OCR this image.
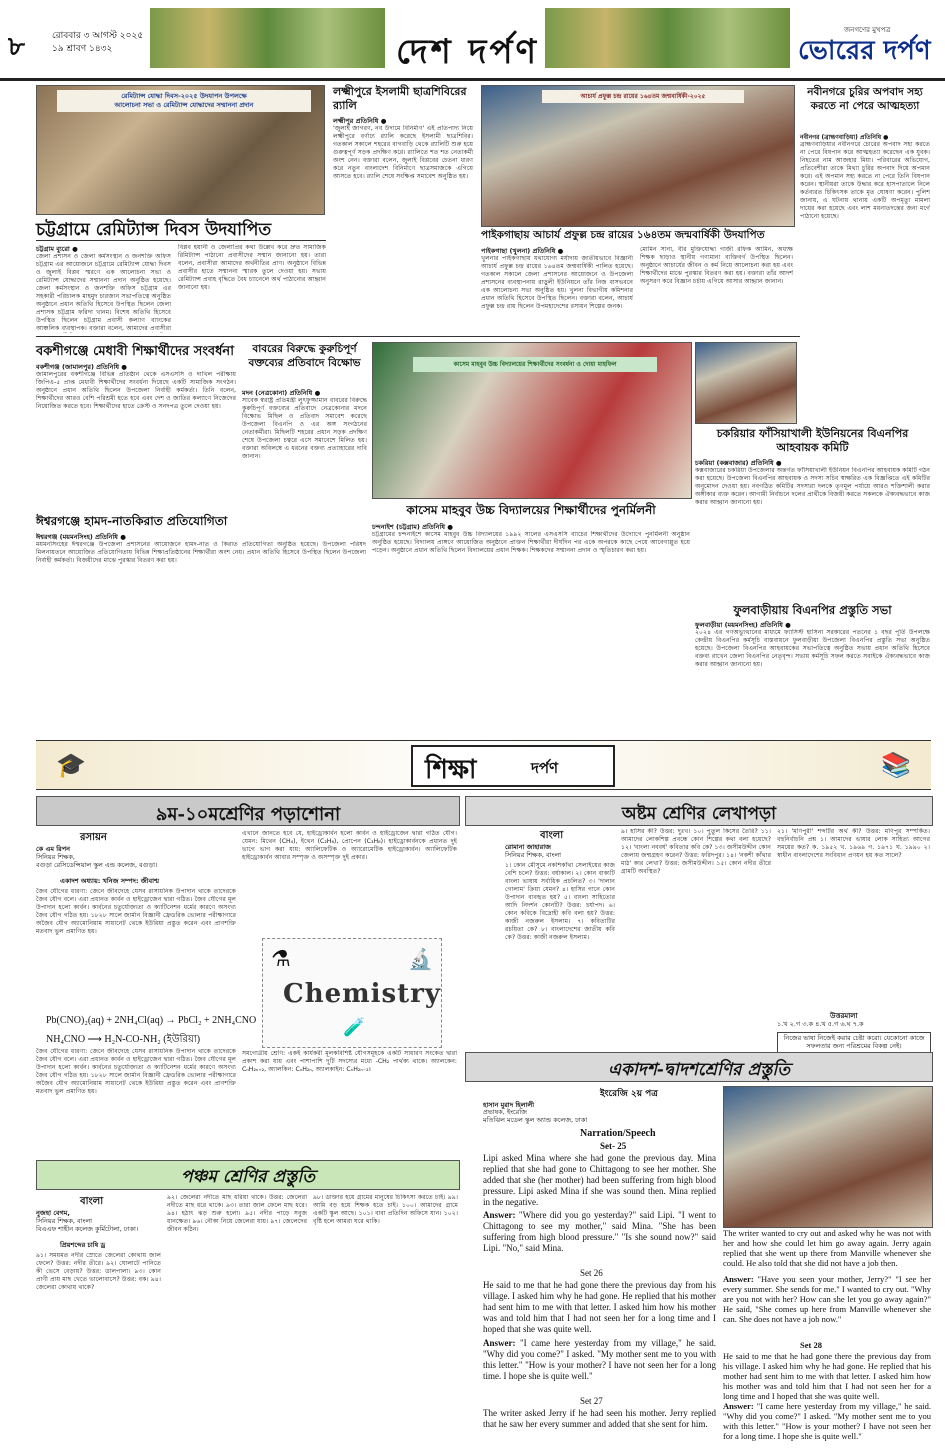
৮	রোববার ৩ আগস্ট ২০২৫
১৯ শ্রাবণ ১৪৩২	দেশ দর্পণ
জনগণের মুখপত্র
ভোরের দর্পণ
রেমিট্যান্স যোদ্ধা দিবস-২০২৫ উদযাপন উপলক্ষে
আলোচনা সভা ও রেমিট্যান্স যোদ্ধাদের সম্মাননা প্রদান
চট্টগ্রামে রেমিট্যান্স দিবস উদযাপিত
চট্টগ্রাম ব্যুরো ●
জেলা প্রশাসন ও জেলা কর্মসংস্থান ও জনশক্তি অফিস চট্টগ্রাম এর আয়োজনে চট্টগ্রামে রেমিট্যান্স যোদ্ধা দিবস ও জুলাই বিপ্লব স্মরণে এক আলোচনা সভা ও রেমিট্যান্স যোদ্ধাদের সম্মাননা প্রদান অনুষ্ঠিত হয়েছে। জেলা কর্মসংস্থান ও জনশক্তি অফিস চট্টগ্রাম এর সহকারী পরিচালক মাহমুদ চারজান সভাপতিত্বে অনুষ্ঠিত অনুষ্ঠানে প্রধান অতিথি হিসেবে উপস্থিত ছিলেন জেলা প্রশাসক চট্টগ্রাম ফরিদা খানম। বিশেষ অতিথি হিসেবে উপস্থিত ছিলেন চট্টগ্রাম প্রবাসী কল্যাণ ব্যাংকের আঞ্চলিক ব্যবস্থাপক। বক্তারা বলেন, আমাদের প্রবাসীরা
বিপ্লব হয়ানী ও জেলাপ্রির কথা উল্লেখ করে দ্রুত সামাজিক রিমিট্যান্স পাঠানো প্রবাসীদের সম্মান জানানো হয়। তারা বলেন, প্রবাসীরা আমাদের অর্থনীতির প্রাণ। অনুষ্ঠানে বিভিন্ন প্রবাসীর হাতে সম্মাননা স্মারক তুলে দেওয়া হয়। সভায় রেমিট্যান্স প্রবাহ বৃদ্ধিতে বৈধ চ্যানেলে অর্থ পাঠানোর আহ্বান জানানো হয়।
লক্ষ্মীপুরে ইসলামী ছাত্রশিবিরের র‍্যালি
লক্ষ্মীপুর প্রতিনিধি ●
'জুলাই জাগরণ, নব উদ্যমে বিনির্মাণ' এই প্রতিপাদ্য নিয়ে লক্ষ্মীপুরে বর্ণাঢ্য র‍্যালি করেছে ইসলামী ছাত্রশিবির। গতকাল সকালে শহরের বাগবাড়ি থেকে র‍্যালিটি শুরু হয়ে গুরুত্বপূর্ণ সড়ক প্রদক্ষিণ করে। র‍্যালিতে শত শত নেতাকর্মী অংশ নেন। বক্তারা বলেন, জুলাই বিপ্লবের চেতনা ধারণ করে নতুন বাংলাদেশ বিনির্মাণে ছাত্রসমাজকে এগিয়ে আসতে হবে। র‍্যালি শেষে সংক্ষিপ্ত সমাবেশ অনুষ্ঠিত হয়।
আচার্য প্রফুল্ল চন্দ্র রায়ের ১৬৪তম জন্মবার্ষিকী-২০২৫
পাইকগাছায় আচার্য প্রফুল্ল চন্দ্র রায়ের ১৬৪তম জন্মবার্ষিকী উদযাপিত
পাইকগাছা (খুলনা) প্রতিনিধি ●
খুলনার পাইকগাছায় যথাযোগ্য মর্যাদায় জাতীয়ভাবে বিজ্ঞানী আচার্য প্রফুল্ল চন্দ্র রায়ের ১৬৪তম জন্মবার্ষিকী পালিত হয়েছে। গতকাল সকালে জেলা প্রশাসনের আয়োজনে ও উপজেলা প্রশাসনের ব্যবস্থাপনায় রাড়ুলী ইউনিয়নে তাঁর নিজ বাসভবনে এক আলোচনা সভা অনুষ্ঠিত হয়। খুলনা বিভাগীয় কমিশনার প্রধান অতিথি হিসেবে উপস্থিত ছিলেন। বক্তারা বলেন, আচার্য প্রফুল্ল চন্দ্র রায় ছিলেন উপমহাদেশের রসায়ন শিল্পের জনক।
মোমিন সানা, বীর মুক্তিযোদ্ধা গাজী রফিক আমিন, অধ্যক্ষ শিক্ষক ছাড়াও স্থানীয় গণ্যমান্য ব্যক্তিবর্গ উপস্থিত ছিলেন। অনুষ্ঠানে আচার্যের জীবন ও কর্ম নিয়ে আলোচনা করা হয় এবং শিক্ষার্থীদের মাঝে পুরস্কার বিতরণ করা হয়। বক্তারা তাঁর আদর্শ অনুসরণ করে বিজ্ঞান চর্চায় এগিয়ে আসার আহ্বান জানান।
নবীনগরে চুরির অপবাদ সহ্য করতে না পেরে আত্মহত্যা
নবীনগর (ব্রাহ্মণবাড়িয়া) প্রতিনিধি ●
ব্রাহ্মণবাড়িয়ার নবীনগরে চোরের অপবাদ সহ্য করতে না পেরে বিষপান করে আত্মহত্যা করেছেন এক যুবক। নিহতের নাম আজহার মিয়া। পরিবারের অভিযোগ, প্রতিবেশীরা তাকে মিথ্যা চুরির অপবাদ দিয়ে অপমান করে। এই অপমান সহ্য করতে না পেরে তিনি বিষপান করেন। স্থানীয়রা তাকে উদ্ধার করে হাসপাতালে নিলে কর্তব্যরত চিকিৎসক তাকে মৃত ঘোষণা করেন। পুলিশ জানায়, এ ঘটনায় থানায় একটি অপমৃত্যু মামলা দায়ের করা হয়েছে এবং লাশ ময়নাতদন্তের জন্য মর্গে পাঠানো হয়েছে।
বকশীগঞ্জে মেধাবী শিক্ষার্থীদের সংবর্ধনা
বকশীগঞ্জ (জামালপুর) প্রতিনিধি ●
জামালপুরের বকশীগঞ্জে বিভিন্ন প্রতিষ্ঠান থেকে এসএসসি ও দাখিল পরীক্ষায় জিপিএ-৫ প্রাপ্ত মেধাবী শিক্ষার্থীদের সংবর্ধনা দিয়েছে একটি সামাজিক সংগঠন। অনুষ্ঠানে প্রধান অতিথি ছিলেন উপজেলা নির্বাহী কর্মকর্তা। তিনি বলেন, শিক্ষার্থীদের আরও বেশি পরিশ্রমী হতে হবে এবং দেশ ও জাতির কল্যাণে নিজেদের নিয়োজিত করতে হবে। শিক্ষার্থীদের হাতে ক্রেস্ট ও সনদপত্র তুলে দেওয়া হয়।
বাবরের বিরুদ্ধে কুরুচিপূর্ণ বক্তব্যের প্রতিবাদে বিক্ষোভ
মদন (নেত্রকোনা) প্রতিনিধি ●
সাবেক স্বরাষ্ট্র প্রতিমন্ত্রী লুৎফুজ্জামান বাবরের বিরুদ্ধে কুরুচিপূর্ণ বক্তব্যের প্রতিবাদে নেত্রকোনার মদনে বিক্ষোভ মিছিল ও প্রতিবাদ সমাবেশ করেছে উপজেলা বিএনপি ও এর অঙ্গ সংগঠনের নেতাকর্মীরা। মিছিলটি শহরের প্রধান সড়ক প্রদক্ষিণ শেষে উপজেলা চত্বরে এসে সমাবেশে মিলিত হয়। বক্তারা অবিলম্বে এ ধরনের বক্তব্য প্রত্যাহারের দাবি জানান।
কাসেম মাহবুব উচ্চ বিদ্যালয়ের শিক্ষার্থীদের সংবর্ধনা ও দোয়া মাহফিল
চকরিয়ার ফাঁসিয়াখালী ইউনিয়নের বিএনপির আহবায়ক কমিটি
চকরিয়া (কক্সবাজার) প্রতিনিধি ●
কক্সবাজারের চকরিয়া উপজেলার অন্তর্গত ফাঁসিয়াখালী ইউনিয়ন বিএনপির আহবায়ক কমিটি গঠন করা হয়েছে। উপজেলা বিএনপির আহবায়ক ও সদস্য সচিব স্বাক্ষরিত এক বিজ্ঞপ্তিতে এই কমিটির অনুমোদন দেওয়া হয়। নবগঠিত কমিটির সদস্যরা দলকে তৃণমূল পর্যায়ে আরও শক্তিশালী করার অঙ্গীকার ব্যক্ত করেন। আগামী নির্বাচনে দলের প্রার্থীকে বিজয়ী করতে সকলকে ঐক্যবদ্ধভাবে কাজ করার আহ্বান জানানো হয়।
কাসেম মাহবুব উচ্চ বিদ্যালয়ের শিক্ষার্থীদের পুনর্মিলনী
চন্দনাইশ (চট্টগ্রাম) প্রতিনিধি ●
চট্টগ্রামের চন্দনাইশে কাসেম মাহবুব উচ্চ বিদ্যালয়ের ১৯৯২ সালের এসএসসি ব্যাচের শিক্ষার্থীদের উদ্যোগে পুনর্মিলনী অনুষ্ঠান অনুষ্ঠিত হয়েছে। বিদ্যালয় প্রাঙ্গণে আয়োজিত অনুষ্ঠানে প্রাক্তন শিক্ষার্থীরা দীর্ঘদিন পর একে অপরকে কাছে পেয়ে আবেগাপ্লুত হয়ে পড়েন। অনুষ্ঠানে প্রধান অতিথি ছিলেন বিদ্যালয়ের প্রধান শিক্ষক। শিক্ষকদের সম্মাননা প্রদান ও স্মৃতিচারণ করা হয়।
ঈশ্বরগঞ্জে হামদ-নাতকিরাত প্রতিযোগিতা
ঈশ্বরগঞ্জ (ময়মনসিংহ) প্রতিনিধি ●
ময়মনসিংহের ঈশ্বরগঞ্জে উপজেলা প্রশাসনের আয়োজনে হামদ-নাত ও কিরাত প্রতিযোগিতা অনুষ্ঠিত হয়েছে। উপজেলা পরিষদ মিলনায়তনে আয়োজিত প্রতিযোগিতায় বিভিন্ন শিক্ষাপ্রতিষ্ঠানের শিক্ষার্থীরা অংশ নেয়। প্রধান অতিথি হিসেবে উপস্থিত ছিলেন উপজেলা নির্বাহী কর্মকর্তা। বিজয়ীদের মাঝে পুরস্কার বিতরণ করা হয়।
ফুলবাড়ীয়ায় বিএনপির প্রস্তুতি সভা
ফুলবাড়ীয়া (ময়মনসিংহ) প্রতিনিধি ●
২০২৪ এর গণঅভ্যুত্থানের মাধ্যমে ফ্যাসিস্ট হাসিনা সরকারের পতনের ১ বছর পূর্তি উপলক্ষে কেন্দ্রীয় বিএনপির কর্মসূচি বাস্তবায়নে ফুলবাড়ীয়া উপজেলা বিএনপির প্রস্তুতি সভা অনুষ্ঠিত হয়েছে। উপজেলা বিএনপির আহবায়কের সভাপতিত্বে অনুষ্ঠিত সভায় প্রধান অতিথি হিসেবে বক্তব্য রাখেন জেলা বিএনপির নেতৃবৃন্দ। সভায় কর্মসূচি সফল করতে সবাইকে ঐক্যবদ্ধভাবে কাজ করার আহ্বান জানানো হয়।
🎓	📚
শিক্ষা	দর্পণ
৯ম-১০মশ্রেণির পড়াশোনা
রসায়ন
কে এম রিপন
সিনিয়র শিক্ষক,
বগুড়া রেসিডেন্সিয়াল স্কুল এন্ড কলেজ, বগুড়া।
একাদশ অধ্যায়: খনিজ সম্পদ: জীবাশ্ম
জৈব যৌগের ধারণা: জেনে জীবদেহে যেসব রাসায়নিক উপাদান থাকে তাদেরকে জৈব যৌগ বলে। এরা প্রধানত কার্বন ও হাইড্রোজেন দ্বারা গঠিত। জৈব যৌগের মূল উপাদান হলো কার্বন। কার্বনের চতুর্যোজ্যতা ও ক্যাটিনেশন ধর্মের কারণে অসংখ্য জৈব যৌগ গঠিত হয়। ১৮২৮ সালে জার্মান বিজ্ঞানী ফ্রেডরিক ভোলার পরীক্ষাগারে অজৈব যৌগ অ্যামোনিয়াম সায়ানেট থেকে ইউরিয়া প্রস্তুত করেন এবং প্রাণশক্তি মতবাদ ভুল প্রমাণিত হয়।
Pb(CNO)₂(aq) + 2NH₄Cl(aq) → PbCl₂ + 2NH₄CNO
NH₄CNO ⟶ H₂N-CO-NH₂ (ইউরিয়া)
এখানে জানতে হবে যে, হাইড্রোকার্বন হলো কার্বন ও হাইড্রোজেন দ্বারা গঠিত যৌগ। যেমন: মিথেন (CH₄), ইথেন (C₂H₆), প্রোপেন (C₃H₈)। হাইড্রোকার্বনকে প্রধানত দুই ভাগে ভাগ করা যায়: অ্যালিফেটিক ও অ্যারোমেটিক হাইড্রোকার্বন। অ্যালিফেটিক হাইড্রোকার্বন আবার সম্পৃক্ত ও অসম্পৃক্ত দুই প্রকার।
⚗	🔬
Chemistry
🧪
সমগোত্রীয় শ্রেণি: একই কার্যকরী মূলকবিশিষ্ট যৌগসমূহকে একটি সাধারণ সংকেত দ্বারা প্রকাশ করা যায় এবং পাশাপাশি দুটি সদস্যের মধ্যে -CH₂ পার্থক্য থাকে। অ্যালকেন: CₙH₂ₙ₊₂, অ্যালকিন: CₙH₂ₙ, অ্যালকাইন: CₙH₂ₙ₋₂।
জৈব যৌগের ধারণা: জেনে জীবদেহে যেসব রাসায়নিক উপাদান থাকে তাদেরকে জৈব যৌগ বলে। এরা প্রধানত কার্বন ও হাইড্রোজেন দ্বারা গঠিত। জৈব যৌগের মূল উপাদান হলো কার্বন। কার্বনের চতুর্যোজ্যতা ও ক্যাটিনেশন ধর্মের কারণে অসংখ্য জৈব যৌগ গঠিত হয়। ১৮২৮ সালে জার্মান বিজ্ঞানী ফ্রেডরিক ভোলার পরীক্ষাগারে অজৈব যৌগ অ্যামোনিয়াম সায়ানেট থেকে ইউরিয়া প্রস্তুত করেন এবং প্রাণশক্তি মতবাদ ভুল প্রমাণিত হয়।
অষ্টম শ্রেণির লেখাপড়া
বাংলা
রোমানা জাহারাজ
সিনিয়র শিক্ষক, বাংলা
১। কোন মৌসুমে নকশিকাঁথা সেলাইয়ের কাজ বেশি চলে? উত্তর: বর্ষাকাল। ২। কোন বাক্যটি বাংলা ভাষায় সর্বাধিক প্রচলিত? ৩। 'দালান গোলাম' ক্রিয়া যেমন? ৪। হাসির গানে কোন উপাদান ব্যবহৃত হয়? ৫। বাংলা সাহিত্যের আদি নিদর্শন কোনটি? উত্তর: চর্যাপদ। ৬। কোন কবিকে বিদ্রোহী কবি বলা হয়? উত্তর: কাজী নজরুল ইসলাম। ৭। কবিতাটির রচয়িতা কে? ৮। বাংলাদেশের জাতীয় কবি কে? উত্তর: কাজী নজরুল ইসলাম।
৯। হাসির কী? উত্তর: দুঃখ। ১০। পুতুল কিসের তৈরি? ১১। আমাদের লোকশিল্প প্রবন্ধে কোন শিল্পের কথা বলা হয়েছে? ১২। 'বাংলা নববর্ষ' কবিতার কবি কে? ১৩। জসীমউদ্দীন কোন জেলায় জন্মগ্রহণ করেন? উত্তর: ফরিদপুর। ১৪। 'নকশী কাঁথার মাঠ' কার লেখা? উত্তর: জসীমউদ্দীন। ১৫। কোন নদীর তীরে গ্রামটি অবস্থিত?
২১। 'মণিপুরী' শব্দটির অর্থ কী? উত্তর: মণিপুর সম্পর্কিত। বহুনির্বাচনি প্রশ্ন ১। আমাদের ভাষার লোক সাহিত্য আগের সময়ের কত? ক. ১৯৫২ খ. ১৯৬৯ গ. ১৯৭১ ঘ. ১৯৯০ ২। স্বাধীন বাংলাদেশের সংবিধান প্রণয়ন হয় কত সালে?
উত্তরমালা
১.খ ২.গ ৩.ক ৪.খ ৫.গ ৬.ঘ ৭.ক
নিজের ভাষা নিজেই করার চেষ্টা করো। যেকোনো কাজে সফলতার জন্য পরিশ্রমের বিকল্প নেই।
একাদশ-দ্বাদশশ্রেণির প্রস্তুতি
ইংরেজি ২য় পত্র
হাসান মুরাদ হিলালী
প্রভাষক, ইংরেজি
মতিঝিল মডেল স্কুল অ্যান্ড কলেজ, ঢাকা
Narration/Speech
Set- 25
Lipi asked Mina where she had gone the previous day. Mina replied that she had gone to Chittagong to see her mother. She added that she (her mother) had been suffering from high blood pressure. Lipi asked Mina if she was sound then. Mina replied in the negative.
Answer: "Where did you go yesterday?" said Lipi. "I went to Chittagong to see my mother," said Mina. "She has been suffering from high blood pressure." "Is she sound now?" said Lipi. "No," said Mina.
Set 26
He said to me that he had gone there the previous day from his village. I asked him why he had gone. He replied that his mother had sent him to me with that letter. I asked him how his mother was and told him that I had not seen her for a long time and I hoped that she was quite well.
Answer: "I came here yesterday from my village," he said. "Why did you come?" I asked. "My mother sent me to you with this letter." "How is your mother? I have not seen her for a long time. I hope she is quite well."
Set 27
The writer asked Jerry if he had seen his mother. Jerry replied that he saw her every summer and added that she sent for him.
The writer wanted to cry out and asked why he was not with her and how she could let him go away again. Jerry again replied that she went up there from Manville whenever she could. He also told that she did not have a job then.
Answer: "Have you seen your mother, Jerry?" "I see her every summer. She sends for me." I wanted to cry out. "Why are you not with her? How can she let you go away again?" He said, "She comes up here from Manville whenever she can. She does not have a job now."
Set 28
He said to me that he had gone there the previous day from his village. I asked him why he had gone. He replied that his mother had sent him to me with that letter. I asked him how his mother was and told him that I had not seen her for a long time and I hoped that she was quite well.
Answer: "I came here yesterday from my village," he said. "Why did you come?" I asked. "My mother sent me to you with this letter." "How is your mother? I have not seen her for a long time. I hope she is quite well."
পঞ্চম শ্রেণির প্রস্তুতি
বাংলা
নুজহা বেগম,
সিনিয়র শিক্ষক, বাংলা
বিএএফ শাহীন কলেজ কুর্মিটোলা, ঢাকা।
প্রিয়শব্দের চাষি ড্র
৯১। সময়মত নদীর স্রোতে জেলেরা কোথায় জাল ফেলে? উত্তর: নদীর তীরে। ৯২। ঘোলাটে পানিতে কী ভেসে বেড়ায়? উত্তর: ডালপালা। ৯৩। কোন প্রাণী প্রায় মাছ খেতে ভালোবাসে? উত্তর: বক। ৯৪। জেলেরা কোথায় থাকে?
৯২। জেলেরা নদীতে মাছ ধরিয়া থাকে। উত্তর: জেলেরা নদীতে মাছ ধরে থাকে। ৯৩। তারা জাল ফেলে মাছ ধরে। ৯৪। হঠাৎ ঝড় শুরু হলো। ৯৫। নদীর পাড়ে সবুজ ধানক্ষেত। ৯৬। নৌকা নিয়ে জেলেরা যায়। ৯৭। জেলেদের জীবন কঠিন।
৯৮। ডাক্তার হয়ে গ্রামের মানুষের চিকিৎসা করতে চাই। ৯৯। আমি বড় হয়ে শিক্ষক হতে চাই। ১০০। আমাদের গ্রামে একটি স্কুল আছে। ১০১। বাবা প্রতিদিন অফিসে যান। ১০২। বৃষ্টি হলে আমরা ঘরে থাকি।
